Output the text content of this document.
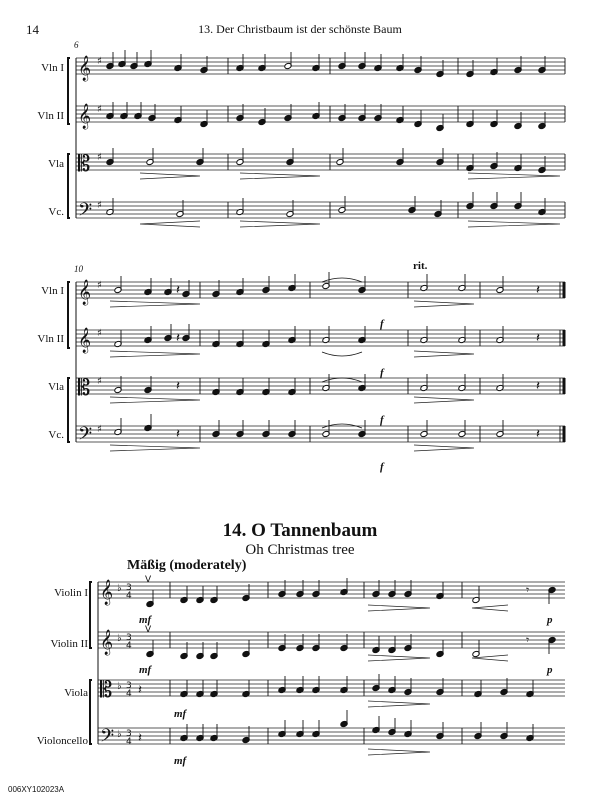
14	13. Der Christbaum ist der schönste Baum
Vln I
Vln II
Vla
Vc.
6
Vln I
Vln II
Vla
Vc.
10	rit.
f
f
f
f
14. O Tannenbaum
Oh Christmas tree
Mäßig (moderately)
Violin I
Violin II
Viola
Violoncello
mf
mf
mf
mf
p
p
006XY102023A
𝄞 ♯
𝄞 ♯
𝄡 ♯
𝄢 ♯
𝄞 ♯
𝄞 ♯
𝄡 ♯
𝄢 ♯
𝄽	𝄽
𝄽	𝄽
𝄽	𝄽
𝄽	𝄽
𝄞 ♭ 3
4
𝄞 ♭ 3
4
𝄡 ♭ 3
4
𝄢 ♭ 3
4
V
V
𝄽
𝄽
𝄾
𝄾
